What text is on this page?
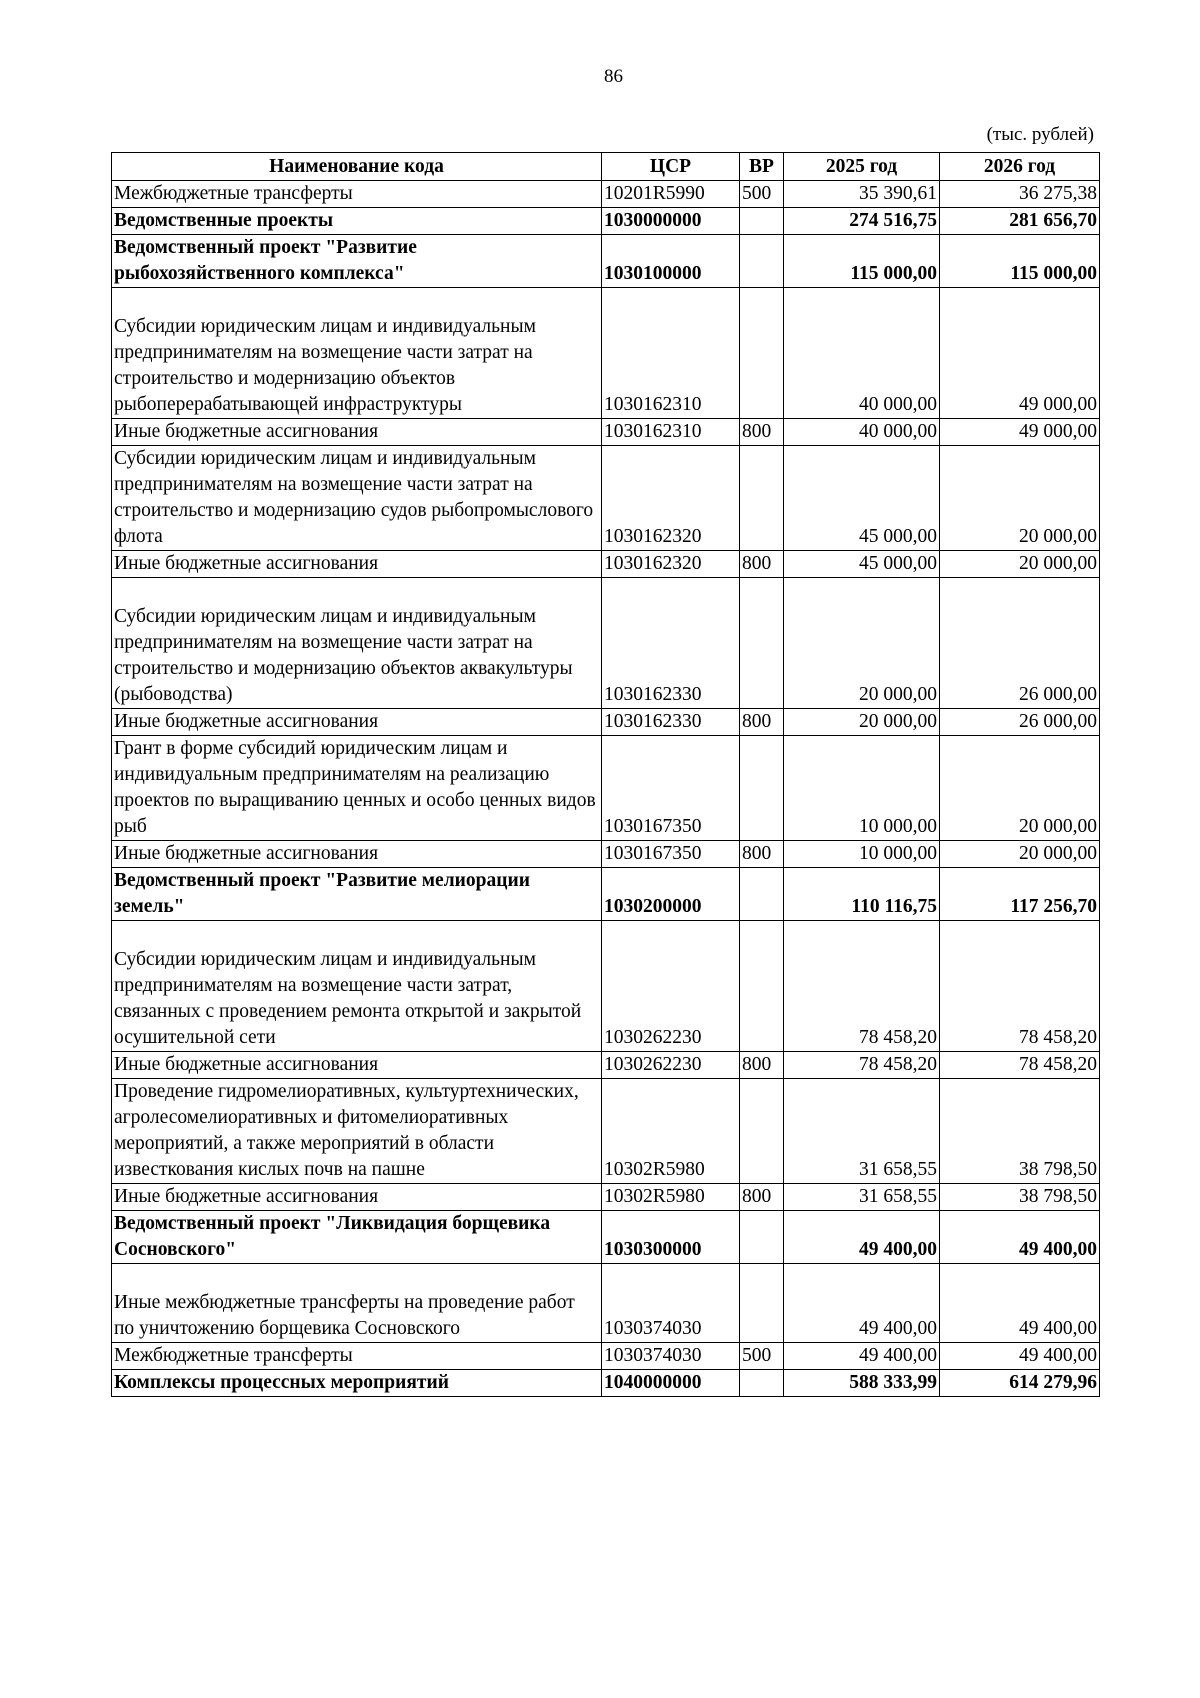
86
(тыс. рублей)
Наименование кода	ЦСР	ВР	2025 год	2026 год
Межбюджетные трансферты	10201R5990	500	35 390,61	36 275,38
Ведомственные проекты	1030000000		274 516,75	281 656,70
Ведомственный проект "Развитие рыбохозяйственного комплекса"	1030100000		115 000,00	115 000,00

Субсидии юридическим лицам и индивидуальным предпринимателям на возмещение части затрат на строительство и модернизацию объектов рыбоперерабатывающей инфраструктуры	1030162310		40 000,00	49 000,00
Иные бюджетные ассигнования	1030162310	800	40 000,00	49 000,00
Субсидии юридическим лицам и индивидуальным предпринимателям на возмещение части затрат на строительство и модернизацию судов рыбопромыслового флота	1030162320		45 000,00	20 000,00
Иные бюджетные ассигнования	1030162320	800	45 000,00	20 000,00

Субсидии юридическим лицам и индивидуальным предпринимателям на возмещение части затрат на строительство и модернизацию объектов аквакультуры (рыбоводства)	1030162330		20 000,00	26 000,00
Иные бюджетные ассигнования	1030162330	800	20 000,00	26 000,00
Грант в форме субсидий юридическим лицам и индивидуальным предпринимателям на реализацию проектов по выращиванию ценных и особо ценных видов рыб	1030167350		10 000,00	20 000,00
Иные бюджетные ассигнования	1030167350	800	10 000,00	20 000,00
Ведомственный проект "Развитие мелиорации земель"	1030200000		110 116,75	117 256,70

Субсидии юридическим лицам и индивидуальным предпринимателям на возмещение части затрат, связанных с проведением ремонта открытой и закрытой осушительной сети	1030262230		78 458,20	78 458,20
Иные бюджетные ассигнования	1030262230	800	78 458,20	78 458,20
Проведение гидромелиоративных, культуртехнических, агролесомелиоративных и фитомелиоративных мероприятий, а также мероприятий в области известкования кислых почв на пашне	10302R5980		31 658,55	38 798,50
Иные бюджетные ассигнования	10302R5980	800	31 658,55	38 798,50
Ведомственный проект "Ликвидация борщевика Сосновского"	1030300000		49 400,00	49 400,00

Иные межбюджетные трансферты на проведение работ по уничтожению борщевика Сосновского	1030374030		49 400,00	49 400,00
Межбюджетные трансферты	1030374030	500	49 400,00	49 400,00
Комплексы процессных мероприятий	1040000000		588 333,99	614 279,96
